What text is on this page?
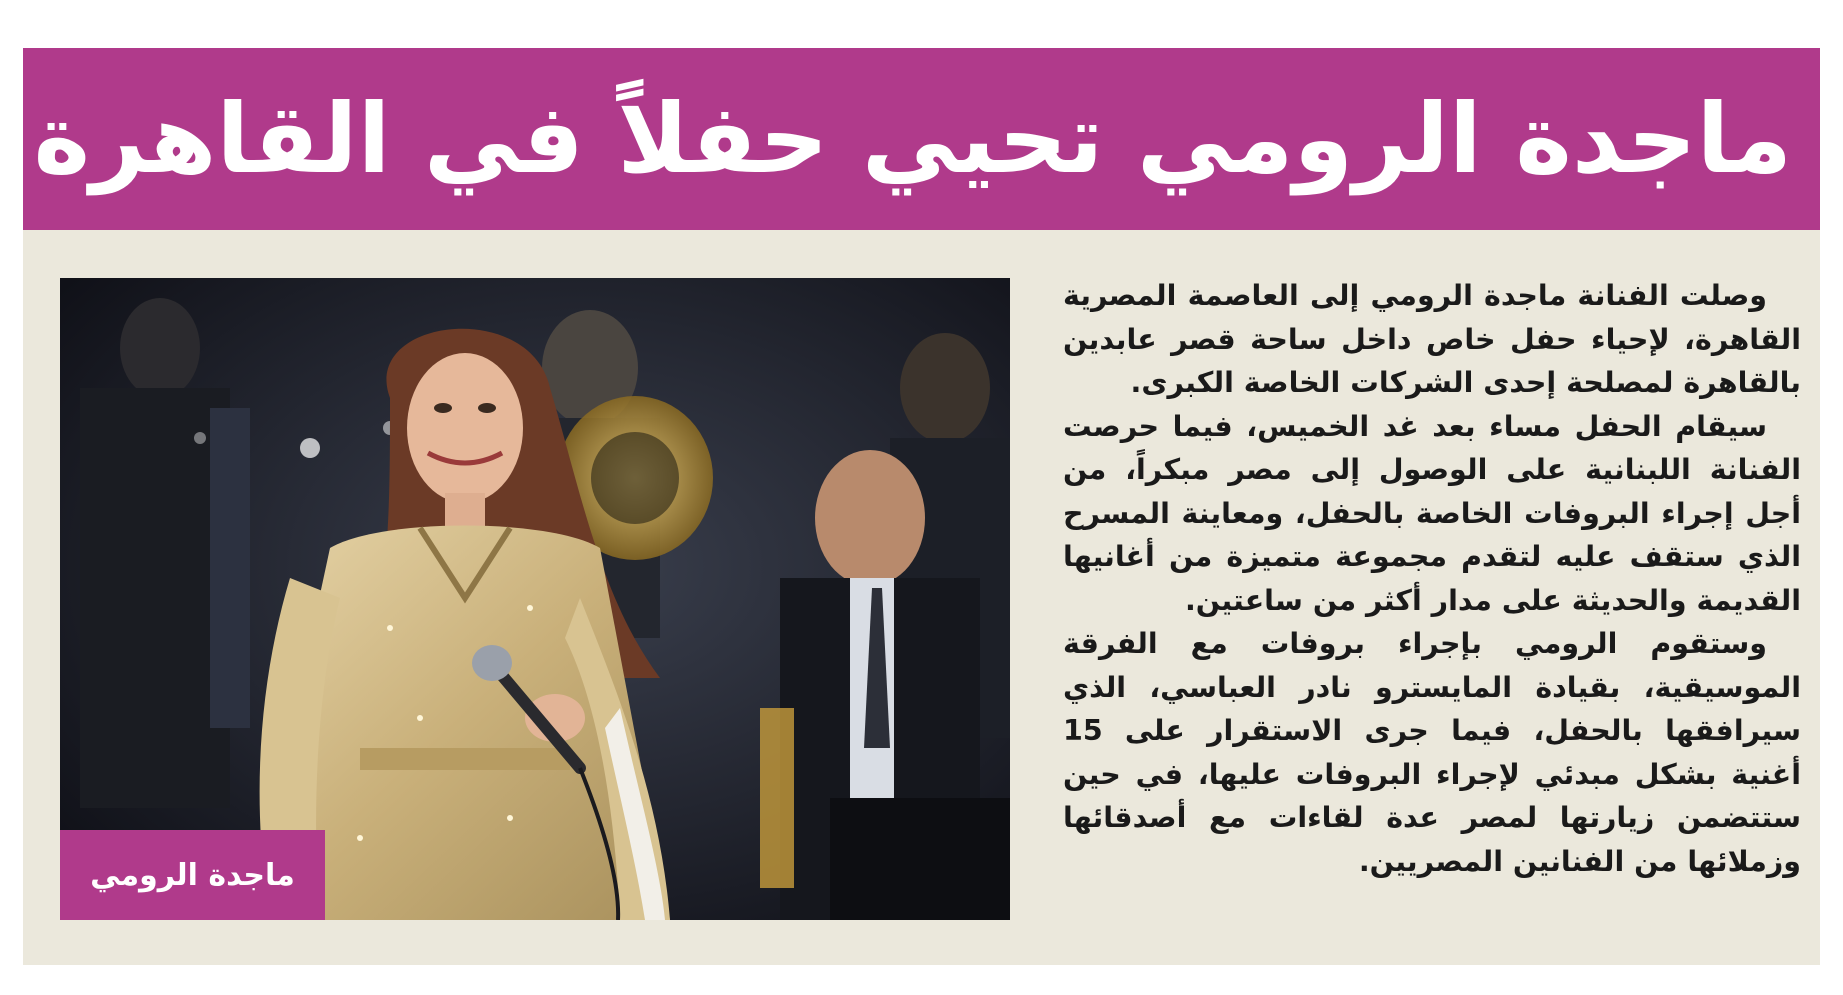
ماجدة الرومي تحيي حفلاً في القاهرة
ماجدة الرومي

وصلت الفنانة ماجدة الرومي إلى العاصمة المصرية القاهرة، لإحياء حفل خاص داخل ساحة قصر عابدين بالقاهرة لمصلحة إحدى الشركات الخاصة الكبرى.

سيقام الحفل مساء بعد غد الخميس، فيما حرصت الفنانة اللبنانية على الوصول إلى مصر مبكراً، من أجل إجراء البروفات الخاصة بالحفل، ومعاينة المسرح الذي ستقف عليه لتقدم مجموعة متميزة من أغانيها القديمة والحديثة على مدار أكثر من ساعتين.

وستقوم الرومي بإجراء بروفات مع الفرقة الموسيقية، بقيادة المايسترو نادر العباسي، الذي سيرافقها بالحفل، فيما جرى الاستقرار على 15 أغنية بشكل مبدئي لإجراء البروفات عليها، في حين ستتضمن زيارتها لمصر عدة لقاءات مع أصدقائها وزملائها من الفنانين المصريين.
